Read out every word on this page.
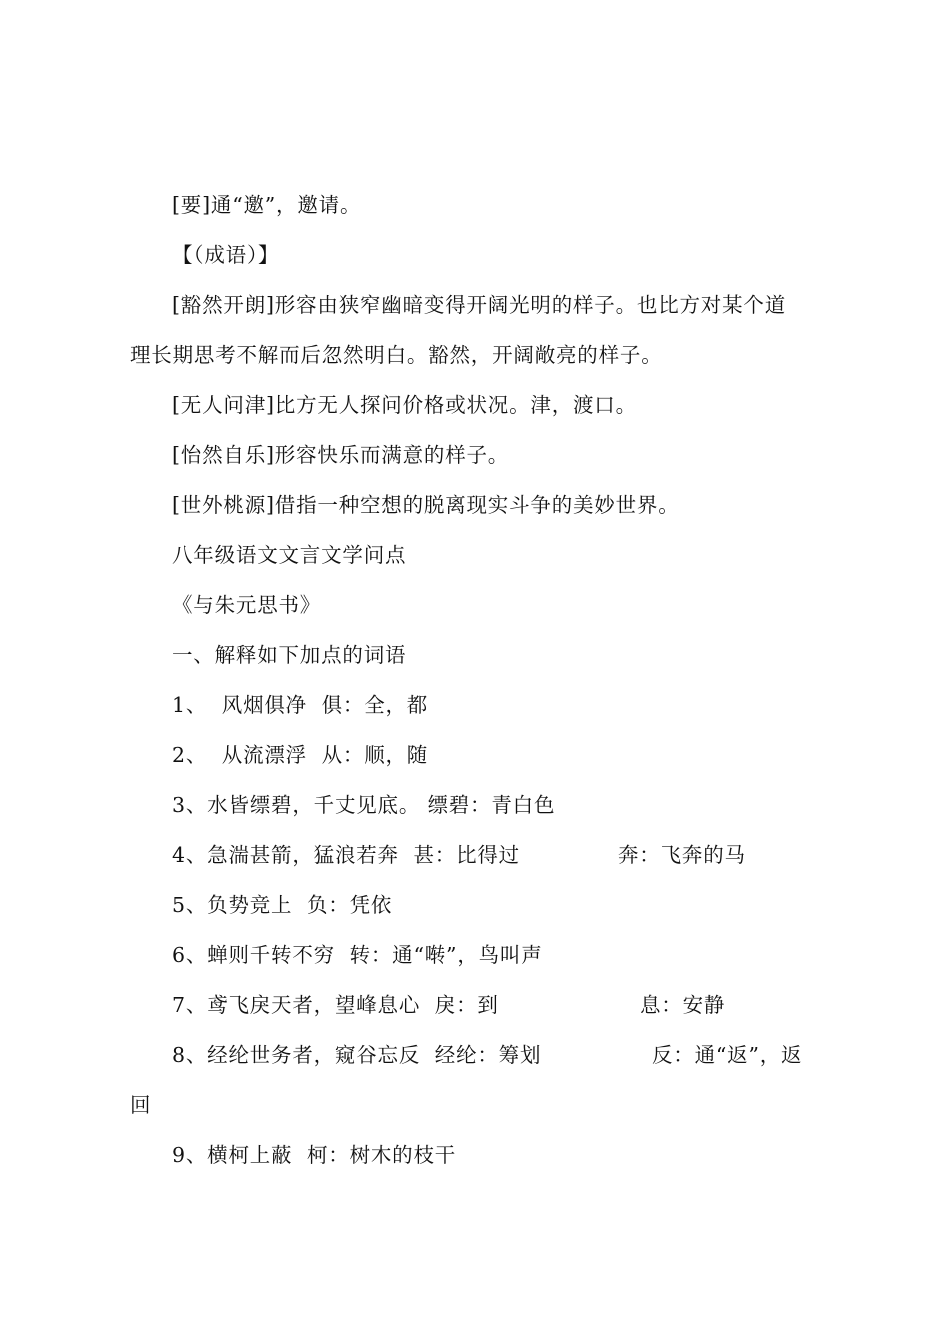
[要]通“邀”，邀请。
【（成语）】
[豁然开朗]形容由狭窄幽暗变得开阔光明的样子。也比方对某个道
理长期思考不解而后忽然明白。豁然，开阔敞亮的样子。
[无人问津]比方无人探问价格或状况。津，渡口。
[怡然自乐]形容快乐而满意的样子。
[世外桃源]借指一种空想的脱离现实斗争的美妙世界。
八年级语文文言文学问点
《与朱元思书》
一、解释如下加点的词语
1、  风烟俱净  俱：全，都
2、  从流漂浮  从：顺，随
3、水皆缥碧，千丈见底。 缥碧：青白色
4、急湍甚箭，猛浪若奔  甚：比得过	奔：飞奔的马
5、负势竞上  负：凭依
6、蝉则千转不穷  转：通“啭”，鸟叫声
7、鸢飞戾天者，望峰息心  戾：到	息：安静
8、经纶世务者，窥谷忘反  经纶：筹划	反：通“返”，返
回
9、横柯上蔽  柯：树木的枝干
